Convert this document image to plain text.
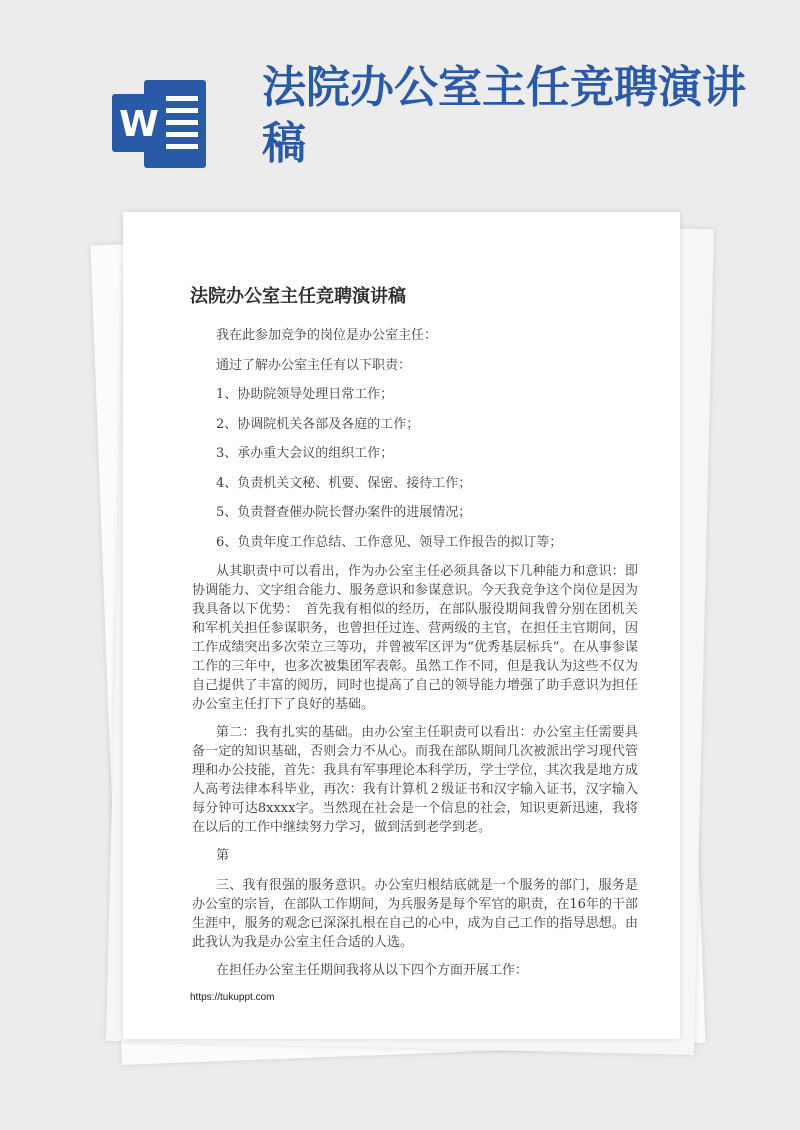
W
法院办公室主任竞聘演讲稿
法院办公室主任竞聘演讲稿

我在此参加竞争的岗位是办公室主任：

通过了解办公室主任有以下职责：

1、协助院领导处理日常工作；

2、协调院机关各部及各庭的工作；

3、承办重大会议的组织工作；

4、负责机关文秘、机要、保密、接待工作；

5、负责督查催办院长督办案件的进展情况；

6、负责年度工作总结、工作意见、领导工作报告的拟订等；

从其职责中可以看出，作为办公室主任必须具备以下几种能力和意识：即协调能力、文字组合能力、服务意识和参谋意识。今天我竞争这个岗位是因为我具备以下优势：　首先我有相似的经历，在部队服役期间我曾分别在团机关和军机关担任参谋职务，也曾担任过连、营两级的主官，在担任主官期间，因工作成绩突出多次荣立三等功，并曾被军区评为“优秀基层标兵”。在从事参谋工作的三年中，也多次被集团军表彰。虽然工作不同，但是我认为这些不仅为自己提供了丰富的阅历，同时也提高了自己的领导能力增强了助手意识为担任办公室主任打下了良好的基础。

第二：我有扎实的基础。由办公室主任职责可以看出：办公室主任需要具备一定的知识基础，否则会力不从心。而我在部队期间几次被派出学习现代管理和办公技能，首先：我具有军事理论本科学历，学士学位，其次我是地方成人高考法律本科毕业，再次：我有计算机２级证书和汉字输入证书，汉字输入每分钟可达8xxxx字。当然现在社会是一个信息的社会，知识更新迅速，我将在以后的工作中继续努力学习，做到活到老学到老。

第

三、我有很强的服务意识。办公室归根结底就是一个服务的部门，服务是办公室的宗旨，在部队工作期间，为兵服务是每个军官的职责，在16年的干部生涯中，服务的观念已深深扎根在自己的心中，成为自己工作的指导思想。由此我认为我是办公室主任合适的人选。

在担任办公室主任期间我将从以下四个方面开展工作：

https://tukuppt.com
